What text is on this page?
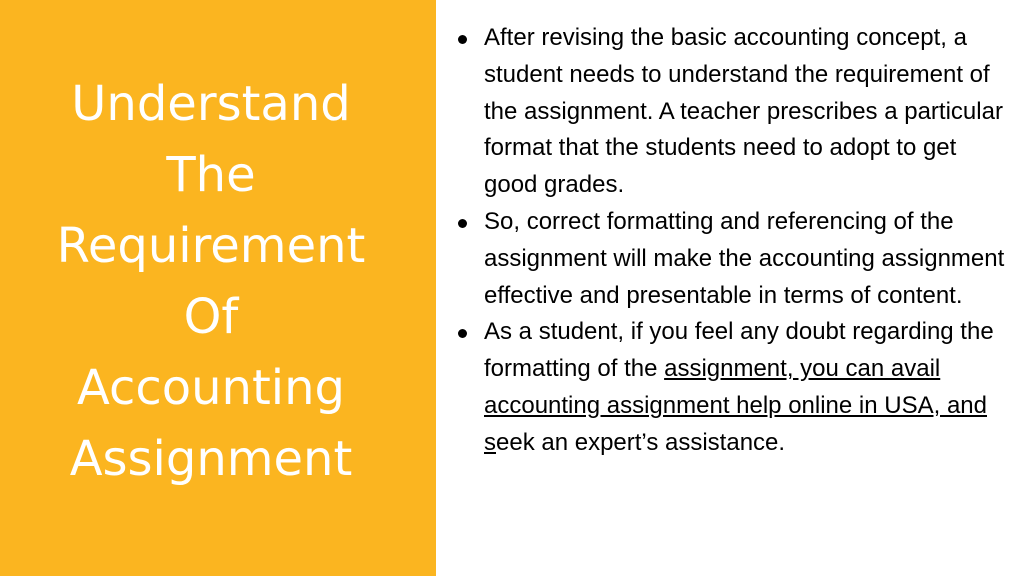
Understand
The
Requirement
Of
Accounting
Assignment
After revising the basic accounting concept, a student needs to understand the requirement of the assignment. A teacher prescribes a particular format that the students need to adopt to get good grades.
So, correct formatting and referencing of the assignment will make the accounting assignment effective and presentable in terms of content.
As a student, if you feel any doubt regarding the formatting of the assignment, you can avail accounting assignment help online in USA, and seek an expert’s assistance.
